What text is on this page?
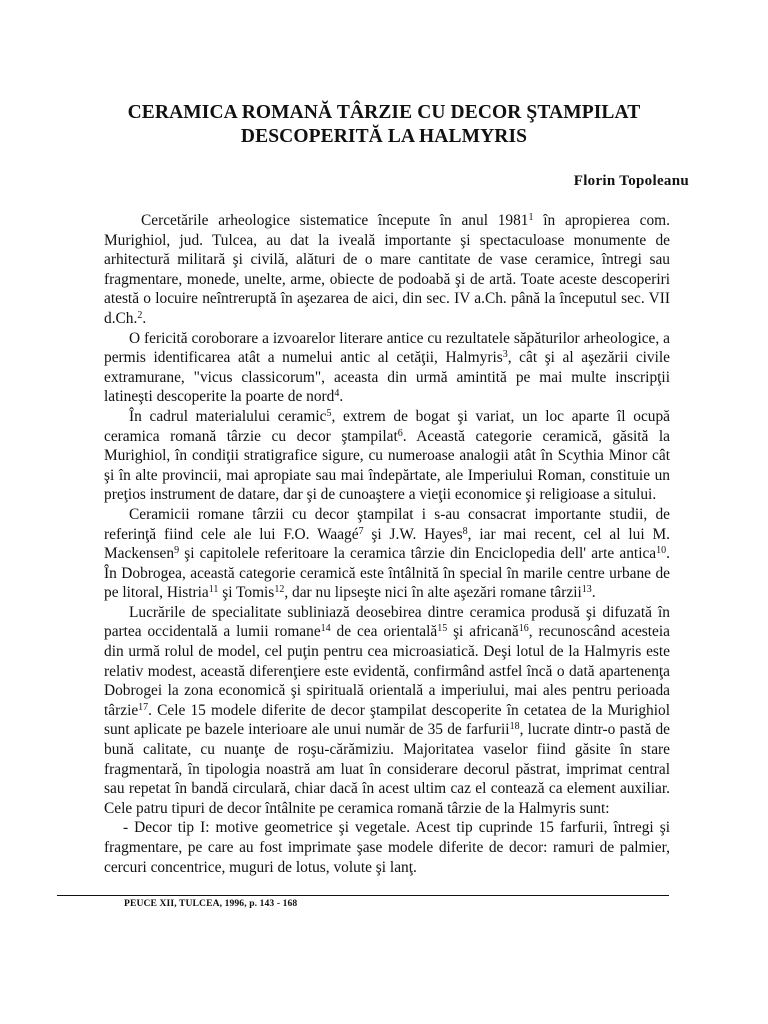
CERAMICA ROMANĂ TÂRZIE CU DECOR ŞTAMPILAT
DESCOPERITĂ LA HALMYRIS
Florin Topoleanu

Cercetările arheologice sistematice începute în anul 1981$^1$ în apropierea com. Murighiol, jud. Tulcea, au dat la iveală importante şi spectaculoase monumente de arhitectură militară şi civilă, alături de o mare cantitate de vase ceramice, întregi sau fragmentare, monede, unelte, arme, obiecte de podoabă şi de artă. Toate aceste descoperiri atestă o locuire neîntreruptă în aşezarea de aici, din sec. IV a.Ch. până la începutul sec. VII d.Ch.$^2$.

O fericită coroborare a izvoarelor literare antice cu rezultatele săpăturilor arheologice, a permis identificarea atât a numelui antic al cetăţii, Halmyris$^3$, cât şi al aşezării civile extramurane, "vicus classicorum", aceasta din urmă amintită pe mai multe inscripţii latineşti descoperite la poarte de nord$^4$.

În cadrul materialului ceramic$^5$, extrem de bogat şi variat, un loc aparte îl ocupă ceramica romană târzie cu decor ştampilat$^6$. Această categorie ceramică, găsită la Murighiol, în condiţii stratigrafice sigure, cu numeroase analogii atât în Scythia Minor cât şi în alte provincii, mai apropiate sau mai îndepărtate, ale Imperiului Roman, constituie un preţios instrument de datare, dar şi de cunoaştere a vieţii economice şi religioase a sitului.

Ceramicii romane târzii cu decor ştampilat i s-au consacrat importante studii, de referinţă fiind cele ale lui F.O. Waagé$^7$ şi J.W. Hayes$^8$, iar mai recent, cel al lui M. Mackensen$^9$ şi capitolele referitoare la ceramica târzie din Enciclopedia dell' arte antica$^{10}$. În Dobrogea, această categorie ceramică este întâlnită în special în marile centre urbane de pe litoral, Histria$^{11}$ şi Tomis$^{12}$, dar nu lipseşte nici în alte aşezări romane târzii$^{13}$.

Lucrările de specialitate subliniază deosebirea dintre ceramica produsă şi difuzată în partea occidentală a lumii romane$^{14}$ de cea orientală$^{15}$ şi africană$^{16}$, recunoscând acesteia din urmă rolul de model, cel puţin pentru cea microasiatică. Deşi lotul de la Halmyris este relativ modest, această diferenţiere este evidentă, confirmând astfel încă o dată apartenenţa Dobrogei la zona economică şi spirituală orientală a imperiului, mai ales pentru perioada târzie$^{17}$. Cele 15 modele diferite de decor ştampilat descoperite în cetatea de la Murighiol sunt aplicate pe bazele interioare ale unui număr de 35 de farfurii$^{18}$, lucrate dintr-o pastă de bună calitate, cu nuanţe de roşu-cărămiziu. Majoritatea vaselor fiind găsite în stare fragmentară, în tipologia noastră am luat în considerare decorul păstrat, imprimat central sau repetat în bandă circulară, chiar dacă în acest ultim caz el contează ca element auxiliar. Cele patru tipuri de decor întâlnite pe ceramica romană târzie de la Halmyris sunt:

- Decor tip I: motive geometrice şi vegetale. Acest tip cuprinde 15 farfurii, întregi şi fragmentare, pe care au fost imprimate şase modele diferite de decor: ramuri de palmier, cercuri concentrice, muguri de lotus, volute şi lanţ.

PEUCE XII, TULCEA, 1996, p. 143 - 168
